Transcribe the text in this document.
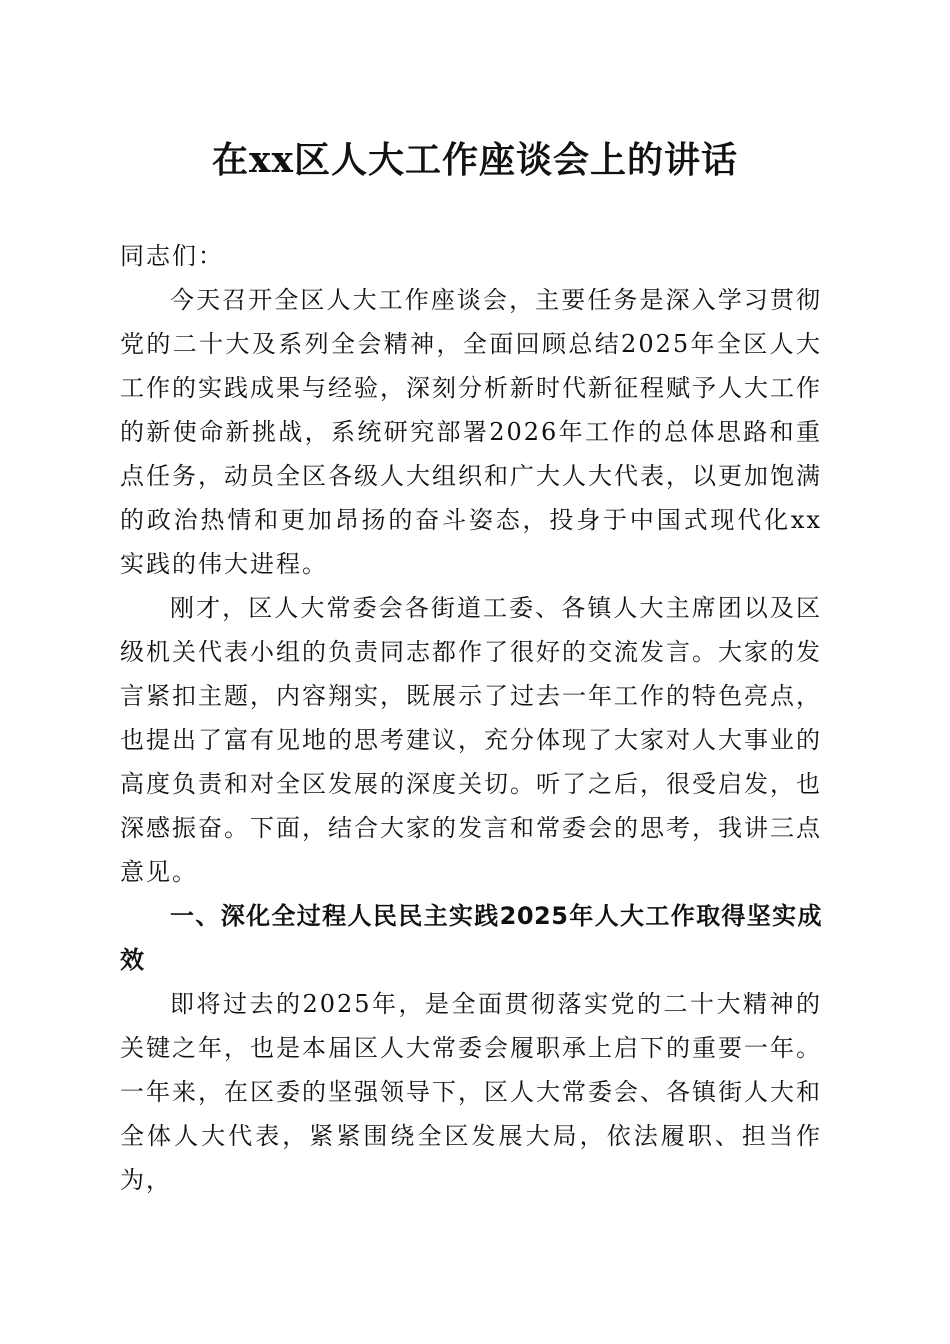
在xx区人大工作座谈会上的讲话

同志们：

今天召开全区人大工作座谈会，主要任务是深入学习贯彻党的二十大及系列全会精神，全面回顾总结2025年全区人大工作的实践成果与经验，深刻分析新时代新征程赋予人大工作的新使命新挑战，系统研究部署2026年工作的总体思路和重点任务，动员全区各级人大组织和广大人大代表，以更加饱满的政治热情和更加昂扬的奋斗姿态，投身于中国式现代化xx实践的伟大进程。

刚才，区人大常委会各街道工委、各镇人大主席团以及区级机关代表小组的负责同志都作了很好的交流发言。大家的发言紧扣主题，内容翔实，既展示了过去一年工作的特色亮点，也提出了富有见地的思考建议，充分体现了大家对人大事业的高度负责和对全区发展的深度关切。听了之后，很受启发，也深感振奋。下面，结合大家的发言和常委会的思考，我讲三点意见。

一、深化全过程人民民主实践2025年人大工作取得坚实成效

即将过去的2025年，是全面贯彻落实党的二十大精神的关键之年，也是本届区人大常委会履职承上启下的重要一年。一年来，在区委的坚强领导下，区人大常委会、各镇街人大和全体人大代表，紧紧围绕全区发展大局，依法履职、担当作为，
